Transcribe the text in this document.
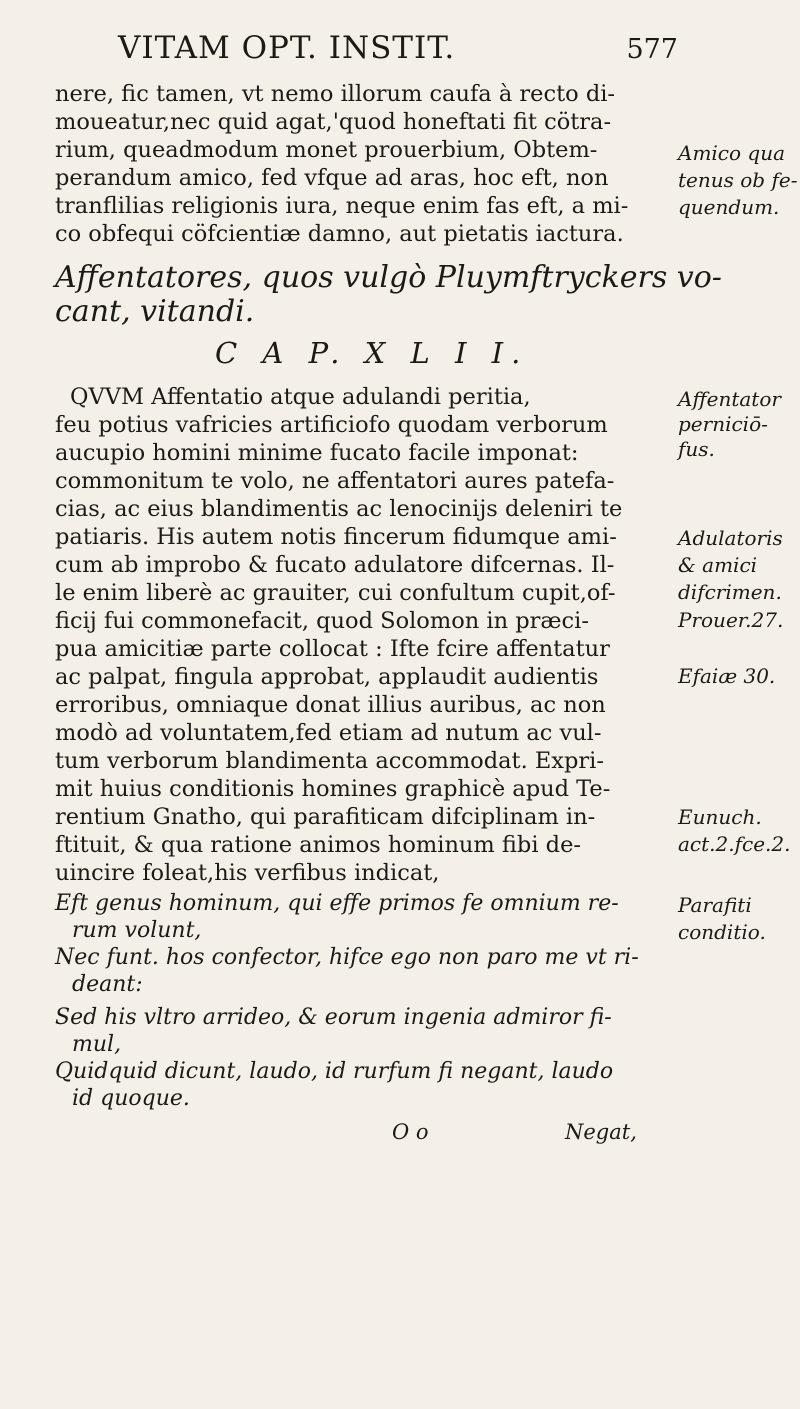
VITAM OPT. INSTIT.	577
nere, fic tamen, vt nemo illorum caufa à recto di-
moueatur,nec quid agat,'quod honeftati fit cötra-
rium, queadmodum monet prouerbium, Obtem-
perandum amico, fed vfque ad aras, hoc eft, non
tranflilias religionis iura, neque enim fas eft, a mi-
co obfequi cöfcientiæ damno, aut pietatis iactura.
Affentatores, quos vulgò Pluymftryckers vo-
cant, vitandi.
C A P. X L I I.
QVVM Affentatio atque adulandi peritia,
feu potius vafricies artificiofo quodam verborum
aucupio homini minime fucato facile imponat:
commonitum te volo, ne affentatori aures patefa-
cias, ac eius blandimentis ac lenocinijs deleniri te
patiaris. His autem notis fincerum fidumque ami-
cum ab improbo & fucato adulatore difcernas. Il-
le enim liberè ac grauiter, cui confultum cupit,of-
ficij fui commonefacit, quod Solomon in præci-
pua amicitiæ parte collocat : Ifte fcire affentatur
ac palpat, fingula approbat, applaudit audientis
erroribus, omniaque donat illius auribus, ac non
modò ad voluntatem,fed etiam ad nutum ac vul-
tum verborum blandimenta accommodat. Expri-
mit huius conditionis homines graphicè apud Te-
rentium Gnatho, qui parafiticam difciplinam in-
ftituit, & qua ratione animos hominum fibi de-
uincire foleat,his verfibus indicat,
Eft genus hominum, qui effe primos fe omnium re-
rum volunt,
Nec funt. hos confector, hifce ego non paro me vt ri-
deant:
Sed his vltro arrideo, & eorum ingenia admiror fi-
mul,
Quidquid dicunt, laudo, id rurfum fi negant, laudo
id quoque.
O o	Negat,
Amico qua
tenus ob fe-
quendum.
Affentator
perniciō-
fus.
Adulatoris
& amici
difcrimen.
Prouer.27.
Efaiæ 30.
Eunuch.
act.2.fce.2.
Parafiti
conditio.
